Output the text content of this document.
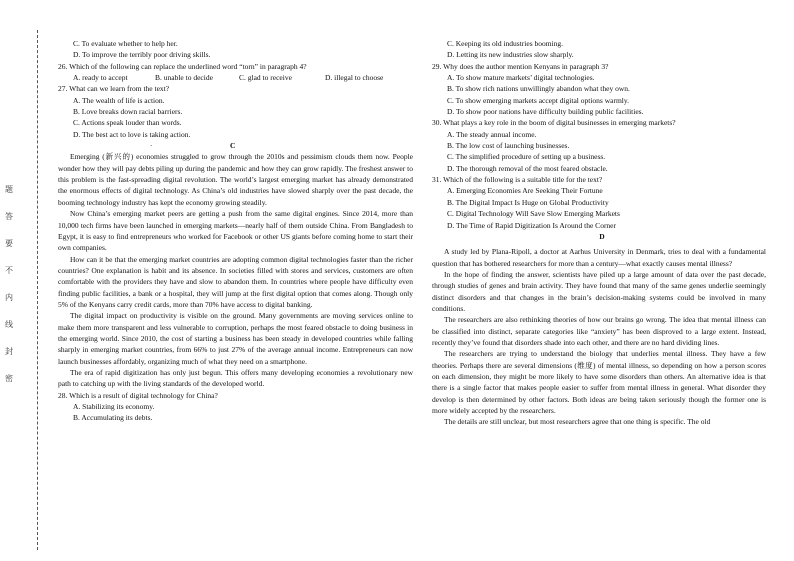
题
答
要
不
内
线
封
密
C. To evaluate whether to help her.
D. To improve the terribly poor driving skills.
26. Which of the following can replace the underlined word “torn” in paragraph 4?
A. ready to accept	B. unable to decide	C. glad to receive	D. illegal to choose
27. What can we learn from the text?
A. The wealth of life is action.
B. Love breaks down racial barriers.
C. Actions speak louder than words.
D. The best act to love is taking action.
·	C

Emerging (新兴的) economies struggled to grow through the 2010s and pessimism clouds them now. People wonder how they will pay debts piling up during the pandemic and how they can grow rapidly. The freshest answer to this problem is the fast-spreading digital revolution. The world’s largest emerging market has already demonstrated the enormous effects of digital technology. As China’s old industries have slowed sharply over the past decade, the booming technology industry has kept the economy growing steadily.

Now China’s emerging market peers are getting a push from the same digital engines. Since 2014, more than 10,000 tech firms have been launched in emerging markets—nearly half of them outside China. From Bangladesh to Egypt, it is easy to find entrepreneurs who worked for Facebook or other US giants before coming home to start their own companies.

How can it be that the emerging market countries are adopting common digital technologies faster than the richer countries? One explanation is habit and its absence. In societies filled with stores and services, customers are often comfortable with the providers they have and slow to abandon them. In countries where people have difficulty even finding public facilities, a bank or a hospital, they will jump at the first digital option that comes along. Though only 5% of the Kenyans carry credit cards, more than 70% have access to digital banking.

The digital impact on productivity is visible on the ground. Many governments are moving services online to make them more transparent and less vulnerable to corruption, perhaps the most feared obstacle to doing business in the emerging world. Since 2010, the cost of starting a business has been steady in developed countries while falling sharply in emerging market countries, from 66% to just 27% of the average annual income. Entrepreneurs can now launch businesses affordably, organizing much of what they need on a smartphone.

The era of rapid digitization has only just begun. This offers many developing economies a revolutionary new path to catching up with the living standards of the developed world.

28. Which is a result of digital technology for China?
A. Stabilizing its economy.
B. Accumulating its debts.
C. Keeping its old industries booming.
D. Letting its new industries slow sharply.
29. Why does the author mention Kenyans in paragraph 3?
A. To show mature markets’ digital technologies.
B. To show rich nations unwillingly abandon what they own.
C. To show emerging markets accept digital options warmly.
D. To show poor nations have difficulty building public facilities.
30. What plays a key role in the boom of digital businesses in emerging markets?
A. The steady annual income.
B. The low cost of launching businesses.
C. The simplified procedure of setting up a business.
D. The thorough removal of the most feared obstacle.
31. Which of the following is a suitable title for the text?
A. Emerging Economies Are Seeking Their Fortune
B. The Digital Impact Is Huge on Global Productivity
C. Digital Technology Will Save Slow Emerging Markets
D. The Time of Rapid Digitization Is Around the Corner
D

A study led by Plana-Ripoll, a doctor at Aarhus University in Denmark, tries to deal with a fundamental question that has bothered researchers for more than a century—what exactly causes mental illness?

In the hope of finding the answer, scientists have piled up a large amount of data over the past decade, through studies of genes and brain activity. They have found that many of the same genes underlie seemingly distinct disorders and that changes in the brain’s decision-making systems could be involved in many conditions.

The researchers are also rethinking theories of how our brains go wrong. The idea that mental illness can be classified into distinct, separate categories like “anxiety” has been disproved to a large extent. Instead, recently they’ve found that disorders shade into each other, and there are no hard dividing lines.

The researchers are trying to understand the biology that underlies mental illness. They have a few theories. Perhaps there are several dimensions (维度) of mental illness, so depending on how a person scores on each dimension, they might be more likely to have some disorders than others. An alternative idea is that there is a single factor that makes people easier to suffer from mental illness in general. What disorder they develop is then determined by other factors. Both ideas are being taken seriously though the former one is more widely accepted by the researchers.

The details are still unclear, but most researchers agree that one thing is specific. The old
